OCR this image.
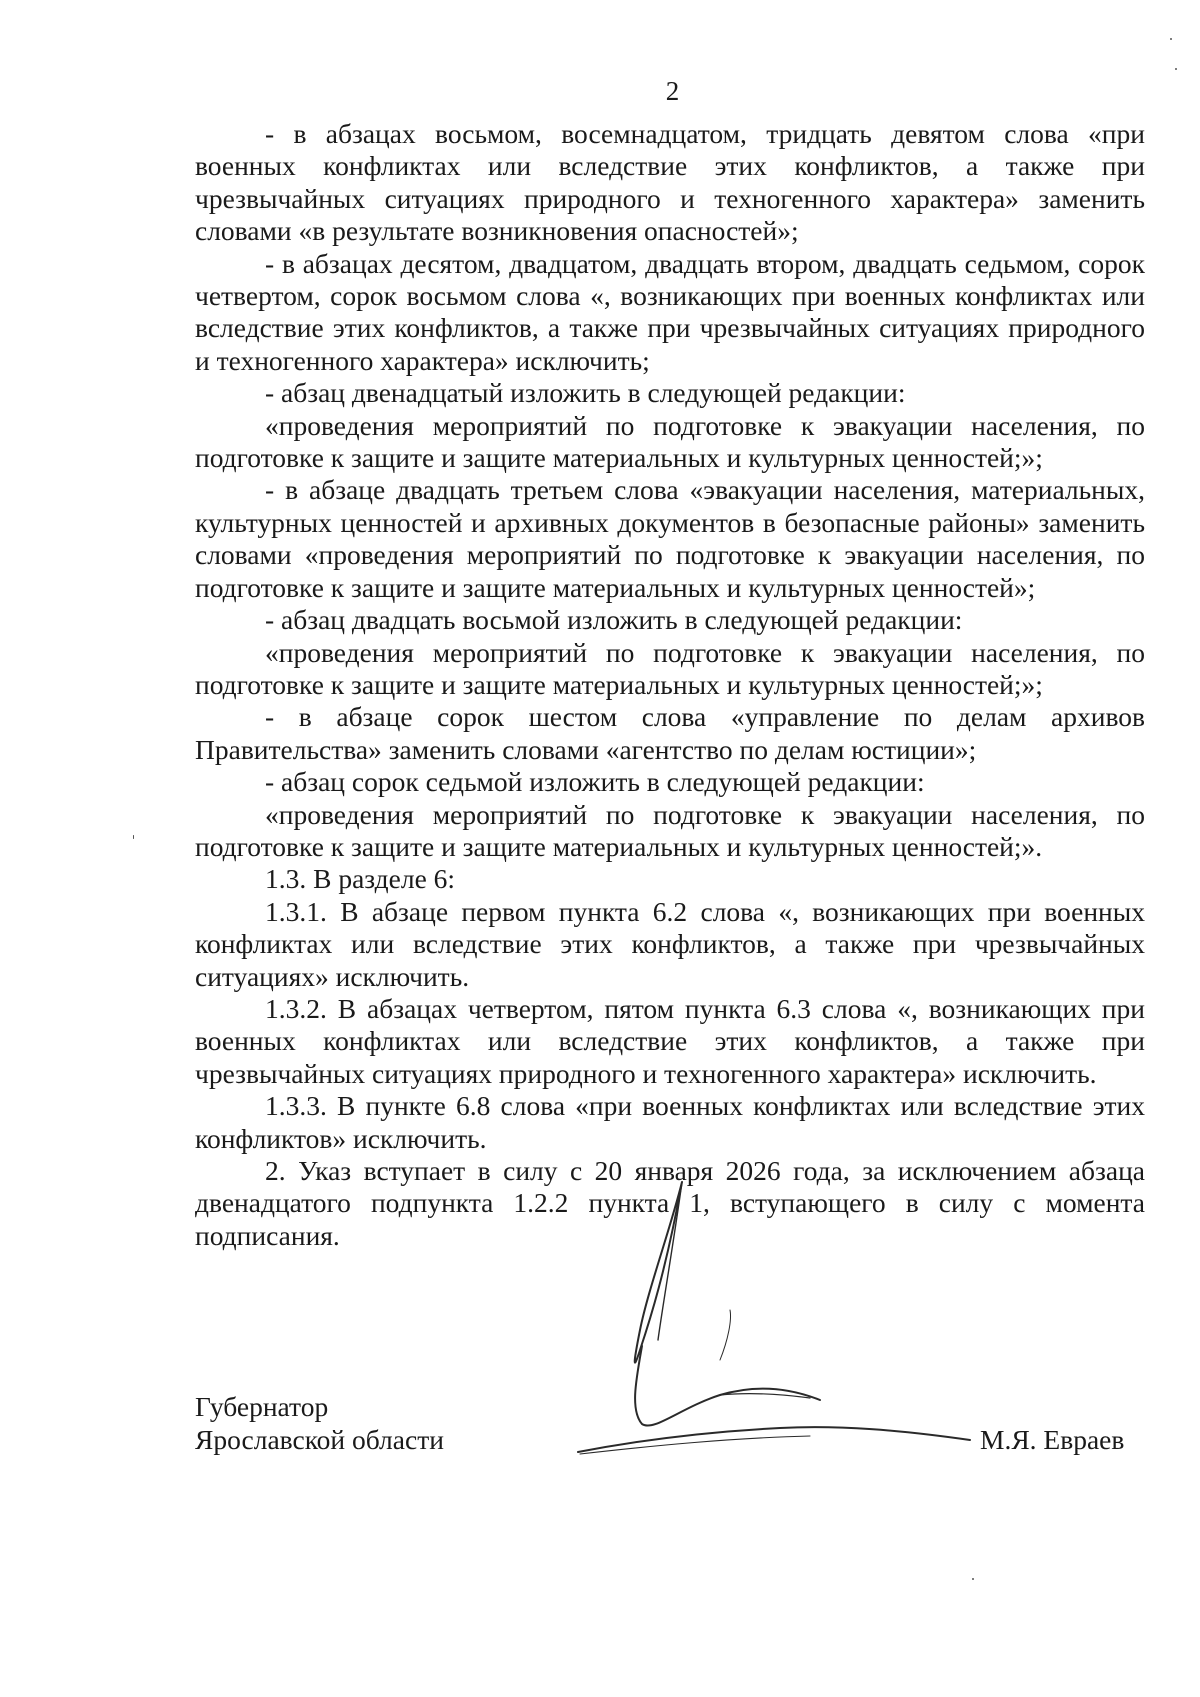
2

- в абзацах восьмом, восемнадцатом, тридцать девятом слова «при военных конфликтах или вследствие этих конфликтов, а также при чрезвычайных ситуациях природного и техногенного характера» заменить словами «в результате возникновения опасностей»;

- в абзацах десятом, двадцатом, двадцать втором, двадцать седьмом, сорок четвертом, сорок восьмом слова «, возникающих при военных конфликтах или вследствие этих конфликтов, а также при чрезвычайных ситуациях природного и техногенного характера» исключить;

- абзац двенадцатый изложить в следующей редакции:

«проведения мероприятий по подготовке к эвакуации населения, по подготовке к защите и защите материальных и культурных ценностей;»;

- в абзаце двадцать третьем слова «эвакуации населения, материальных, культурных ценностей и архивных документов в безопасные районы» заменить словами «проведения мероприятий по подготовке к эвакуации населения, по подготовке к защите и защите материальных и культурных ценностей»;

- абзац двадцать восьмой изложить в следующей редакции:

«проведения мероприятий по подготовке к эвакуации населения, по подготовке к защите и защите материальных и культурных ценностей;»;

- в абзаце сорок шестом слова «управление по делам архивов Правительства» заменить словами «агентство по делам юстиции»;

- абзац сорок седьмой изложить в следующей редакции:

«проведения мероприятий по подготовке к эвакуации населения, по подготовке к защите и защите материальных и культурных ценностей;».

1.3. В разделе 6:

1.3.1. В абзаце первом пункта 6.2 слова «, возникающих при военных конфликтах или вследствие этих конфликтов, а также при чрезвычайных ситуациях» исключить.

1.3.2. В абзацах четвертом, пятом пункта 6.3 слова «, возникающих при военных конфликтах или вследствие этих конфликтов, а также при чрезвычайных ситуациях природного и техногенного характера» исключить.

1.3.3. В пункте 6.8 слова «при военных конфликтах или вследствие этих конфликтов» исключить.

2. Указ вступает в силу с 20 января 2026 года, за исключением абзаца двенадцатого подпункта 1.2.2 пункта 1, вступающего в силу с момента подписания.

Губернатор
Ярославской области	М.Я. Евраев
